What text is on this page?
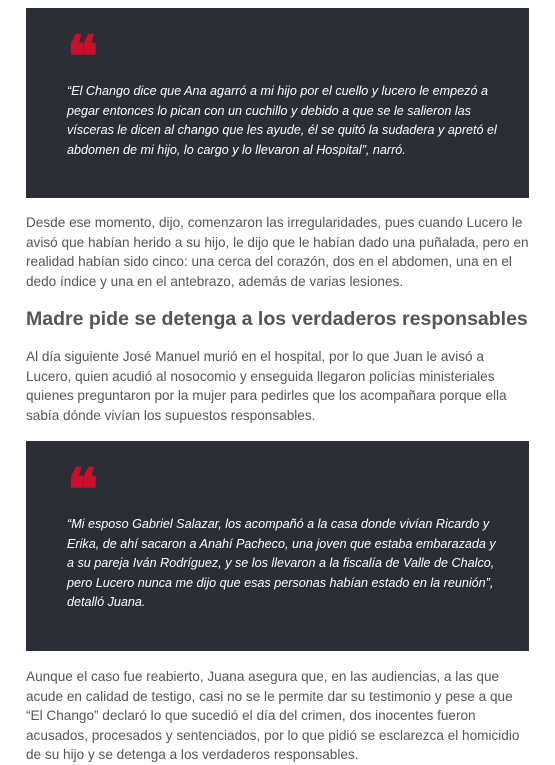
❝

“El Chango dice que Ana agarró a mi hijo por el cuello y lucero le empezó a pegar entonces lo pican con un cuchillo y debido a que se le salieron las vísceras le dicen al chango que les ayude, él se quitó la sudadera y apretó el abdomen de mi hijo, lo cargo y lo llevaron al Hospital”, narró.

Desde ese momento, dijo, comenzaron las irregularidades, pues cuando Lucero le avisó que habían herido a su hijo, le dijo que le habían dado una puñalada, pero en realidad habían sido cinco: una cerca del corazón, dos en el abdomen, una en el dedo índice y una en el antebrazo, además de varias lesiones.

Madre pide se detenga a los verdaderos responsables

Al día siguiente José Manuel murió en el hospital, por lo que Juan le avisó a Lucero, quien acudió al nosocomio y enseguida llegaron policías ministeriales quienes preguntaron por la mujer para pedirles que los acompañara porque ella sabía dónde vivían los supuestos responsables.

❝

“Mi esposo Gabriel Salazar, los acompañó a la casa donde vivían Ricardo y Erika, de ahí sacaron a Anahí Pacheco, una joven que estaba embarazada y a su pareja Iván Rodríguez, y se los llevaron a la fiscalía de Valle de Chalco, pero Lucero nunca me dijo que esas personas habían estado en la reunión”, detalló Juana.

Aunque el caso fue reabierto, Juana asegura que, en las audiencias, a las que acude en calidad de testigo, casi no se le permite dar su testimonio y pese a que “El Chango” declaró lo que sucedió el día del crimen, dos inocentes fueron acusados, procesados y sentenciados, por lo que pidió se esclarezca el homicidio de su hijo y se detenga a los verdaderos responsables.
